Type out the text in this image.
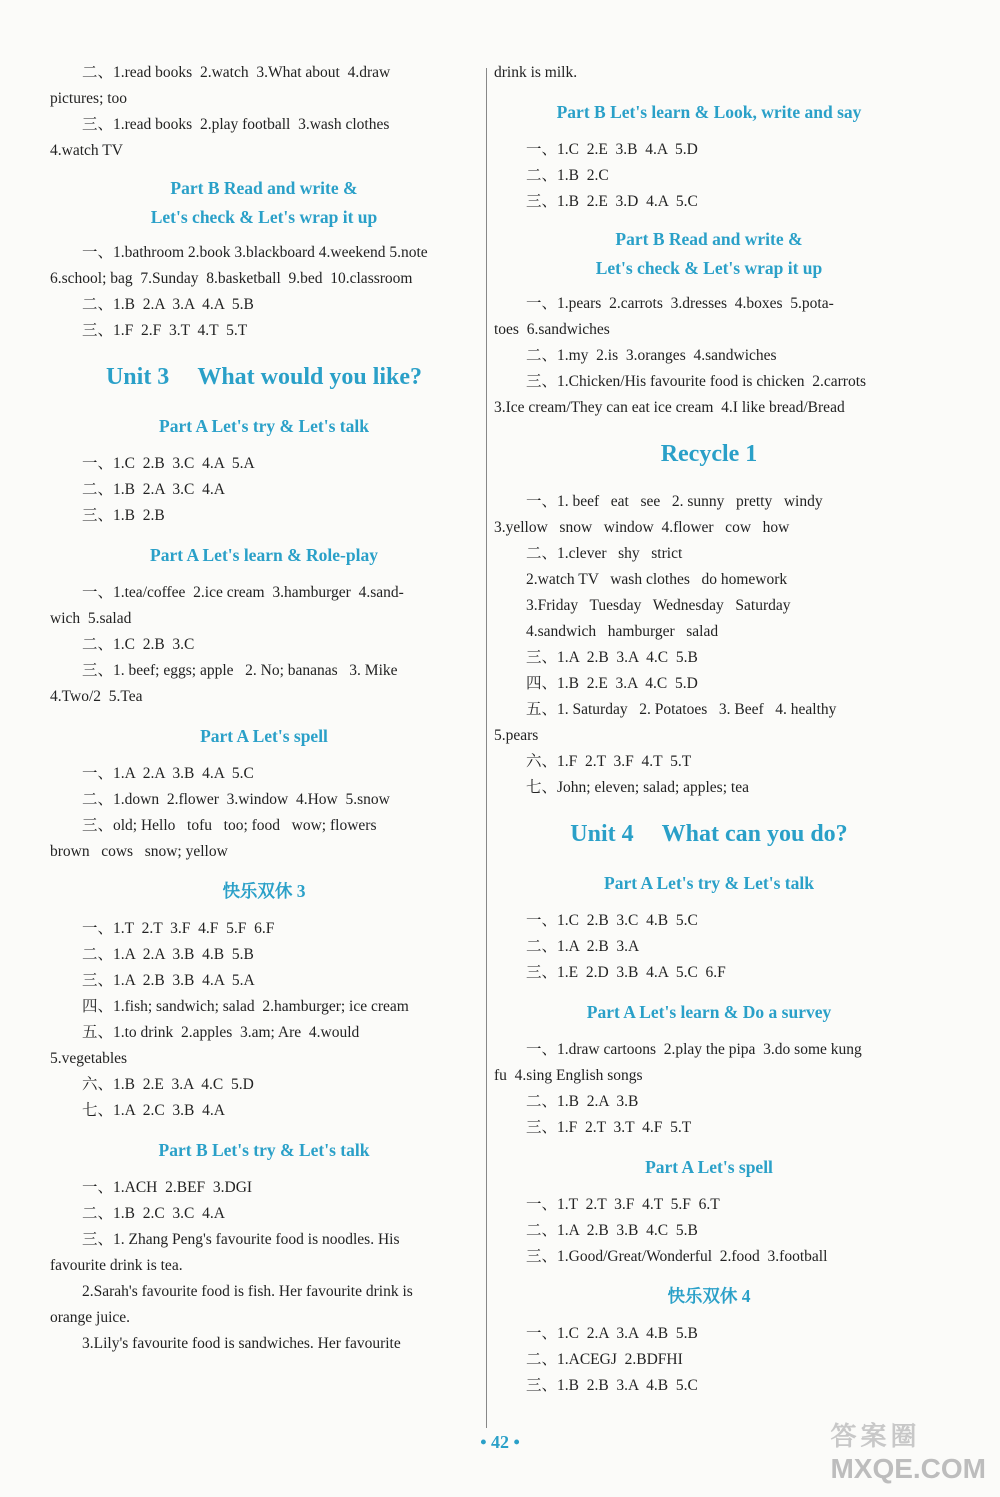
二、1.read books  2.watch  3.What about  4.draw
pictures; too
三、1.read books  2.play football  3.wash clothes
4.watch TV
Part B Read and write &
Let's check & Let's wrap it up
一、1.bathroom 2.book 3.blackboard 4.weekend 5.note
6.school; bag  7.Sunday  8.basketball  9.bed  10.classroom
二、1.B  2.A  3.A  4.A  5.B
三、1.F  2.F  3.T  4.T  5.T
Unit 3 What would you like?
Part A Let's try & Let's talk
一、1.C  2.B  3.C  4.A  5.A
二、1.B  2.A  3.C  4.A
三、1.B  2.B
Part A Let's learn & Role-play
一、1.tea/coffee  2.ice cream  3.hamburger  4.sand-
wich  5.salad
二、1.C  2.B  3.C
三、1. beef; eggs; apple   2. No; bananas   3. Mike
4.Two/2  5.Tea
Part A Let's spell
一、1.A  2.A  3.B  4.A  5.C
二、1.down  2.flower  3.window  4.How  5.snow
三、old; Hello   tofu   too; food   wow; flowers
brown   cows   snow; yellow
快乐双休 3
一、1.T  2.T  3.F  4.F  5.F  6.F
二、1.A  2.A  3.B  4.B  5.B
三、1.A  2.B  3.B  4.A  5.A
四、1.fish; sandwich; salad  2.hamburger; ice cream
五、1.to drink  2.apples  3.am; Are  4.would
5.vegetables
六、1.B  2.E  3.A  4.C  5.D
七、1.A  2.C  3.B  4.A
Part B Let's try & Let's talk
一、1.ACH  2.BEF  3.DGI
二、1.B  2.C  3.C  4.A
三、1. Zhang Peng's favourite food is noodles. His
favourite drink is tea.
2.Sarah's favourite food is fish. Her favourite drink is
orange juice.
3.Lily's favourite food is sandwiches. Her favourite
drink is milk.
Part B Let's learn & Look, write and say
一、1.C  2.E  3.B  4.A  5.D
二、1.B  2.C
三、1.B  2.E  3.D  4.A  5.C
Part B Read and write &
Let's check & Let's wrap it up
一、1.pears  2.carrots  3.dresses  4.boxes  5.pota-
toes  6.sandwiches
二、1.my  2.is  3.oranges  4.sandwiches
三、1.Chicken/His favourite food is chicken  2.carrots
3.Ice cream/They can eat ice cream  4.I like bread/Bread
Recycle 1
一、1. beef   eat   see   2. sunny   pretty   windy
3.yellow   snow   window  4.flower   cow   how
二、1.clever   shy   strict
2.watch TV   wash clothes   do homework
3.Friday   Tuesday   Wednesday   Saturday
4.sandwich   hamburger   salad
三、1.A  2.B  3.A  4.C  5.B
四、1.B  2.E  3.A  4.C  5.D
五、1. Saturday   2. Potatoes   3. Beef   4. healthy
5.pears
六、1.F  2.T  3.F  4.T  5.T
七、John; eleven; salad; apples; tea
Unit 4 What can you do?
Part A Let's try & Let's talk
一、1.C  2.B  3.C  4.B  5.C
二、1.A  2.B  3.A
三、1.E  2.D  3.B  4.A  5.C  6.F
Part A Let's learn & Do a survey
一、1.draw cartoons  2.play the pipa  3.do some kung
fu  4.sing English songs
二、1.B  2.A  3.B
三、1.F  2.T  3.T  4.F  5.T
Part A Let's spell
一、1.T  2.T  3.F  4.T  5.F  6.T
二、1.A  2.B  3.B  4.C  5.B
三、1.Good/Great/Wonderful  2.food  3.football
快乐双休 4
一、1.C  2.A  3.A  4.B  5.B
二、1.ACEGJ  2.BDFHI
三、1.B  2.B  3.A  4.B  5.C
• 42 •	答案圈
MXQE.COM
